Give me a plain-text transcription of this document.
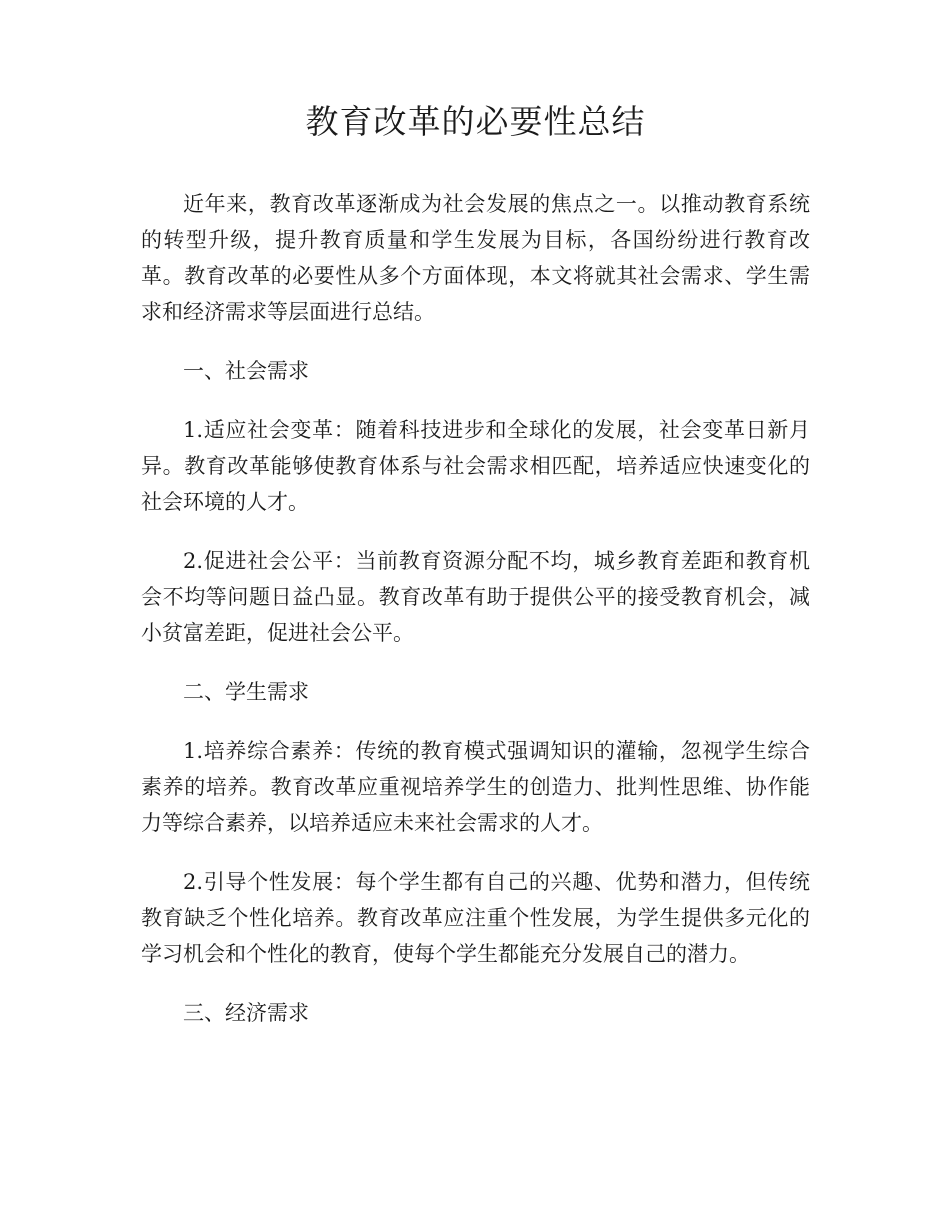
教育改革的必要性总结

近年来，教育改革逐渐成为社会发展的焦点之一。以推动教育系统的转型升级，提升教育质量和学生发展为目标，各国纷纷进行教育改革。教育改革的必要性从多个方面体现，本文将就其社会需求、学生需求和经济需求等层面进行总结。

一、社会需求

1.适应社会变革：随着科技进步和全球化的发展，社会变革日新月异。教育改革能够使教育体系与社会需求相匹配，培养适应快速变化的社会环境的人才。

2.促进社会公平：当前教育资源分配不均，城乡教育差距和教育机会不均等问题日益凸显。教育改革有助于提供公平的接受教育机会，减小贫富差距，促进社会公平。

二、学生需求

1.培养综合素养：传统的教育模式强调知识的灌输，忽视学生综合素养的培养。教育改革应重视培养学生的创造力、批判性思维、协作能力等综合素养，以培养适应未来社会需求的人才。

2.引导个性发展：每个学生都有自己的兴趣、优势和潜力，但传统教育缺乏个性化培养。教育改革应注重个性发展，为学生提供多元化的学习机会和个性化的教育，使每个学生都能充分发展自己的潜力。

三、经济需求
